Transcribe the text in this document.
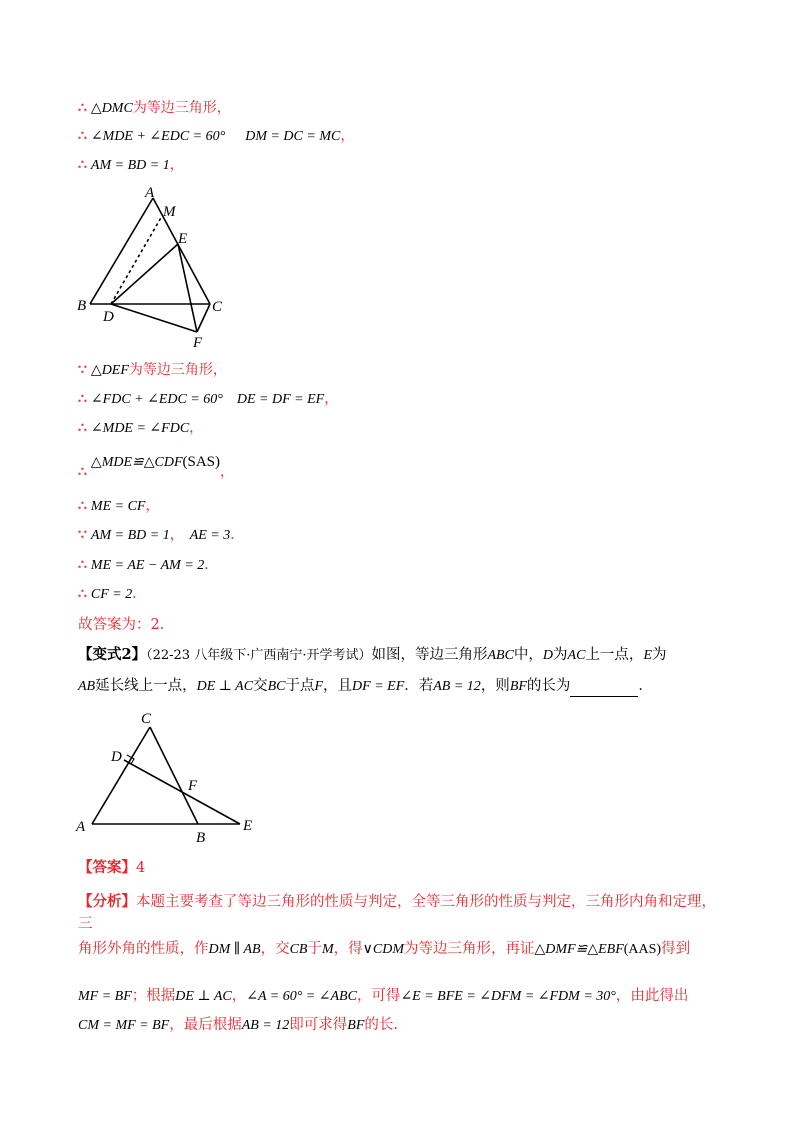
∴ △DMC为等边三角形，
∴ ∠MDE + ∠EDC = 60° DM = DC = MC，
∴ AM = BD = 1，
A
M
E
B
D
C
F
∵ △DEF为等边三角形，
∴ ∠FDC + ∠EDC = 60° DE = DF = EF，
∴ ∠MDE = ∠FDC，
∴△MDE≌△CDF(SAS)，
∴ ME = CF，
∵ AM = BD = 1， AE = 3．
∴ ME = AE − AM = 2．
∴ CF = 2．
故答案为：2．
【变式2】（22-23 八年级下·广西南宁·开学考试）如图，等边三角形ABC中，D为AC上一点，E为
AB延长线上一点，DE ⊥ AC交BC于点F，且DF = EF．若AB = 12，则BF的长为	．
C
D
F
A
B
E
【答案】4
【分析】本题主要考查了等边三角形的性质与判定，全等三角形的性质与判定，三角形内角和定理，三
角形外角的性质，作DM ∥ AB，交CB于M，得∨CDM为等边三角形，再证△DMF≌△EBF(AAS)得到
MF = BF；根据DE ⊥ AC，∠A = 60° = ∠ABC，可得∠E = BFE = ∠DFM = ∠FDM = 30°，由此得出
CM = MF = BF，最后根据AB = 12即可求得BF的长.
